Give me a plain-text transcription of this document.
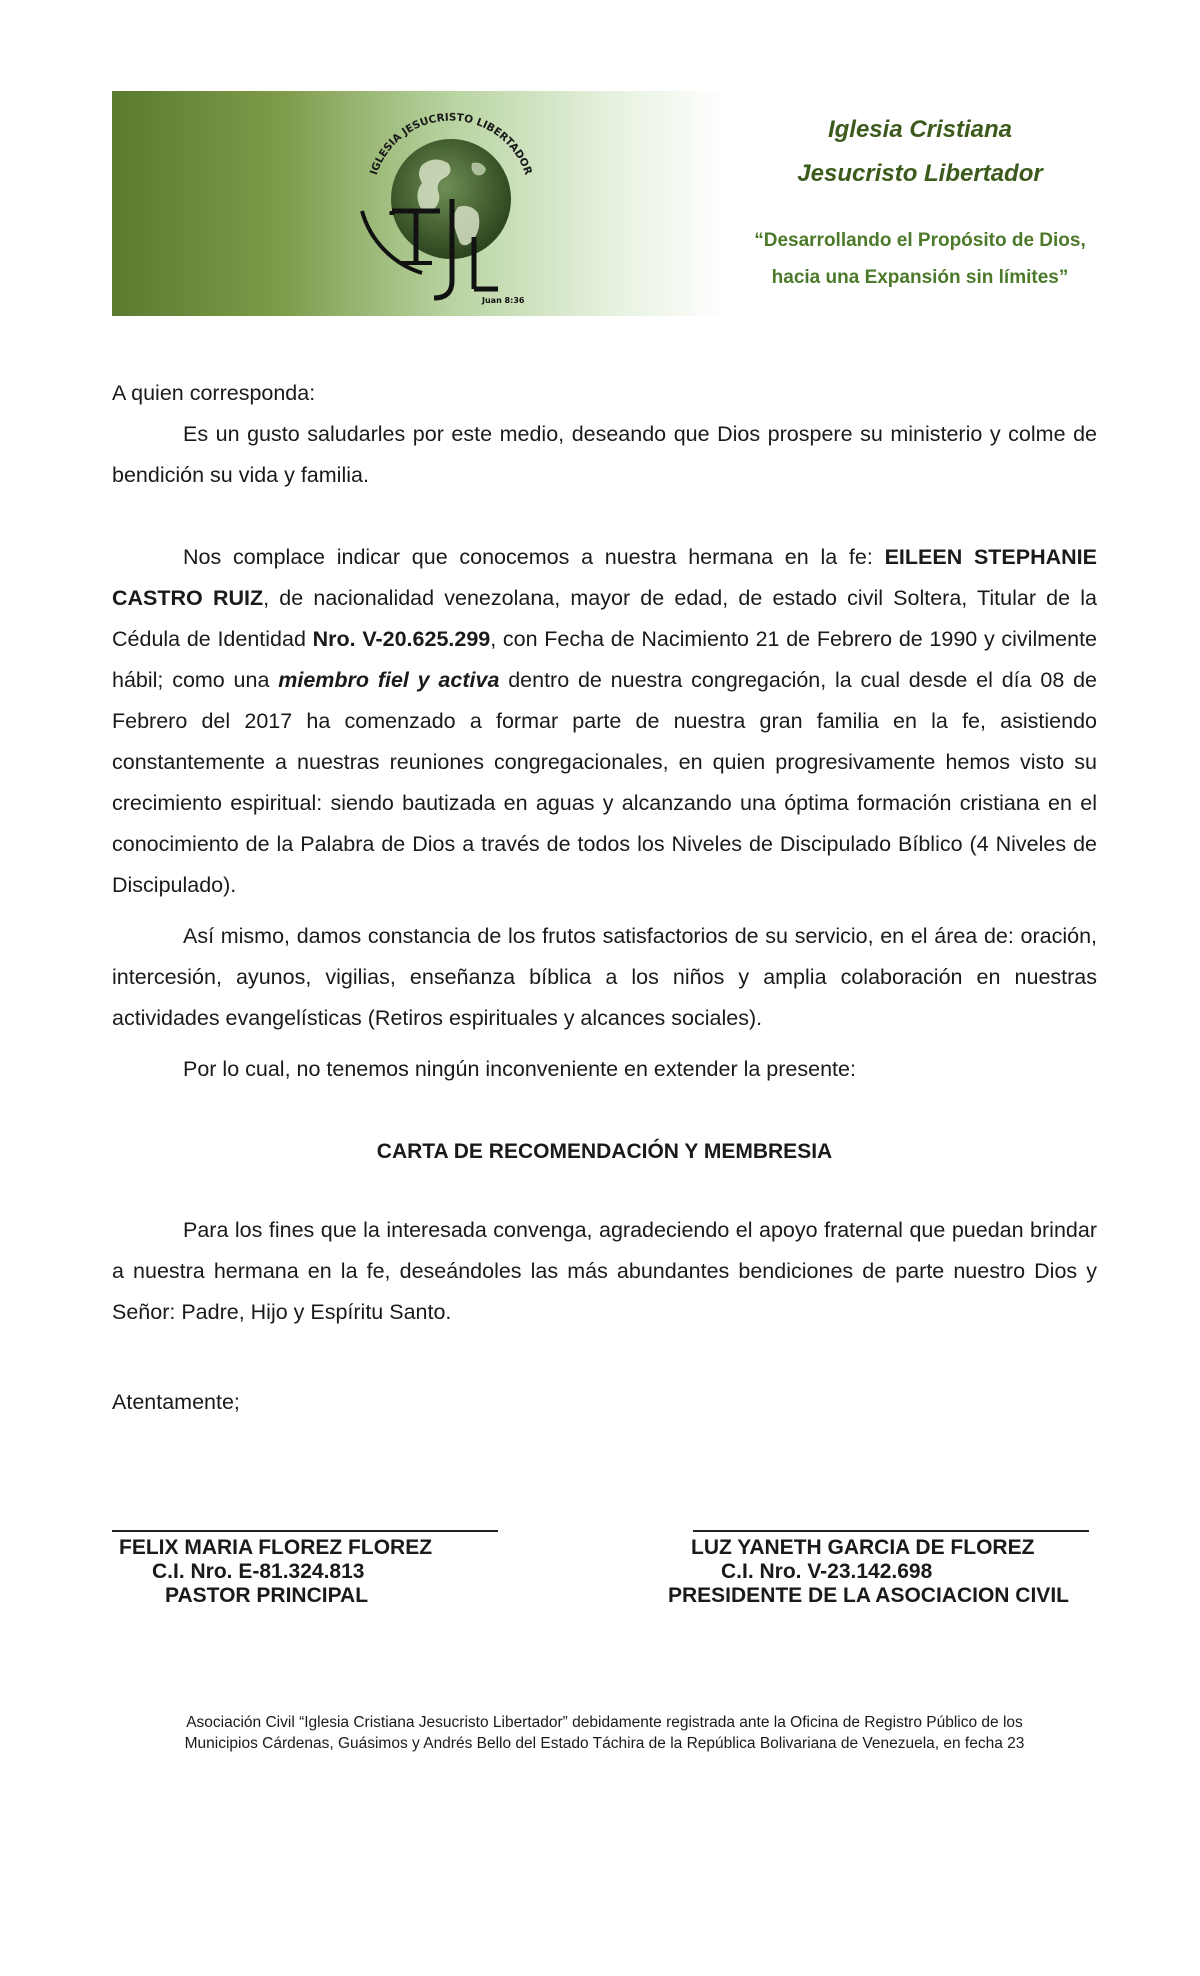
IGLESIA JESUCRISTO LIBERTADOR
Juan 8:36
Iglesia Cristiana
Jesucristo Libertador
“Desarrollando el Propósito de Dios,
hacia una Expansión sin límites”

A quien corresponda:

Es un gusto saludarles por este medio, deseando que Dios prospere su ministerio y colme de bendición su vida y familia.

Nos complace indicar que conocemos a nuestra hermana en la fe: EILEEN STEPHANIE CASTRO RUIZ, de nacionalidad venezolana, mayor de edad, de estado civil Soltera, Titular de la Cédula de Identidad Nro. V-20.625.299, con Fecha de Nacimiento 21 de Febrero de 1990 y civilmente hábil; como una miembro fiel y activa dentro de nuestra congregación, la cual desde el día 08 de Febrero del 2017 ha comenzado a formar parte de nuestra gran familia en la fe, asistiendo constantemente a nuestras reuniones congregacionales, en quien progresivamente hemos visto su crecimiento espiritual: siendo bautizada en aguas y alcanzando una óptima formación cristiana en el conocimiento de la Palabra de Dios a través de todos los Niveles de Discipulado Bíblico (4 Niveles de Discipulado).

Así mismo, damos constancia de los frutos satisfactorios de su servicio, en el área de: oración, intercesión, ayunos, vigilias, enseñanza bíblica a los niños y amplia colaboración en nuestras actividades evangelísticas (Retiros espirituales y alcances sociales).

Por lo cual, no tenemos ningún inconveniente en extender la presente:

CARTA DE RECOMENDACIÓN Y MEMBRESIA

Para los fines que la interesada convenga, agradeciendo el apoyo fraternal que puedan brindar a nuestra hermana en la fe, deseándoles las más abundantes bendiciones de parte nuestro Dios y Señor: Padre, Hijo y Espíritu Santo.

Atentamente;

FELIX MARIA FLOREZ FLOREZ
C.I. Nro. E-81.324.813
PASTOR PRINCIPAL
LUZ YANETH GARCIA DE FLOREZ
C.I. Nro. V-23.142.698
PRESIDENTE DE LA ASOCIACION CIVIL
Asociación Civil “Iglesia Cristiana Jesucristo Libertador” debidamente registrada ante la Oficina de Registro Público de los
Municipios Cárdenas, Guásimos y Andrés Bello del Estado Táchira de la República Bolivariana de Venezuela, en fecha 23
